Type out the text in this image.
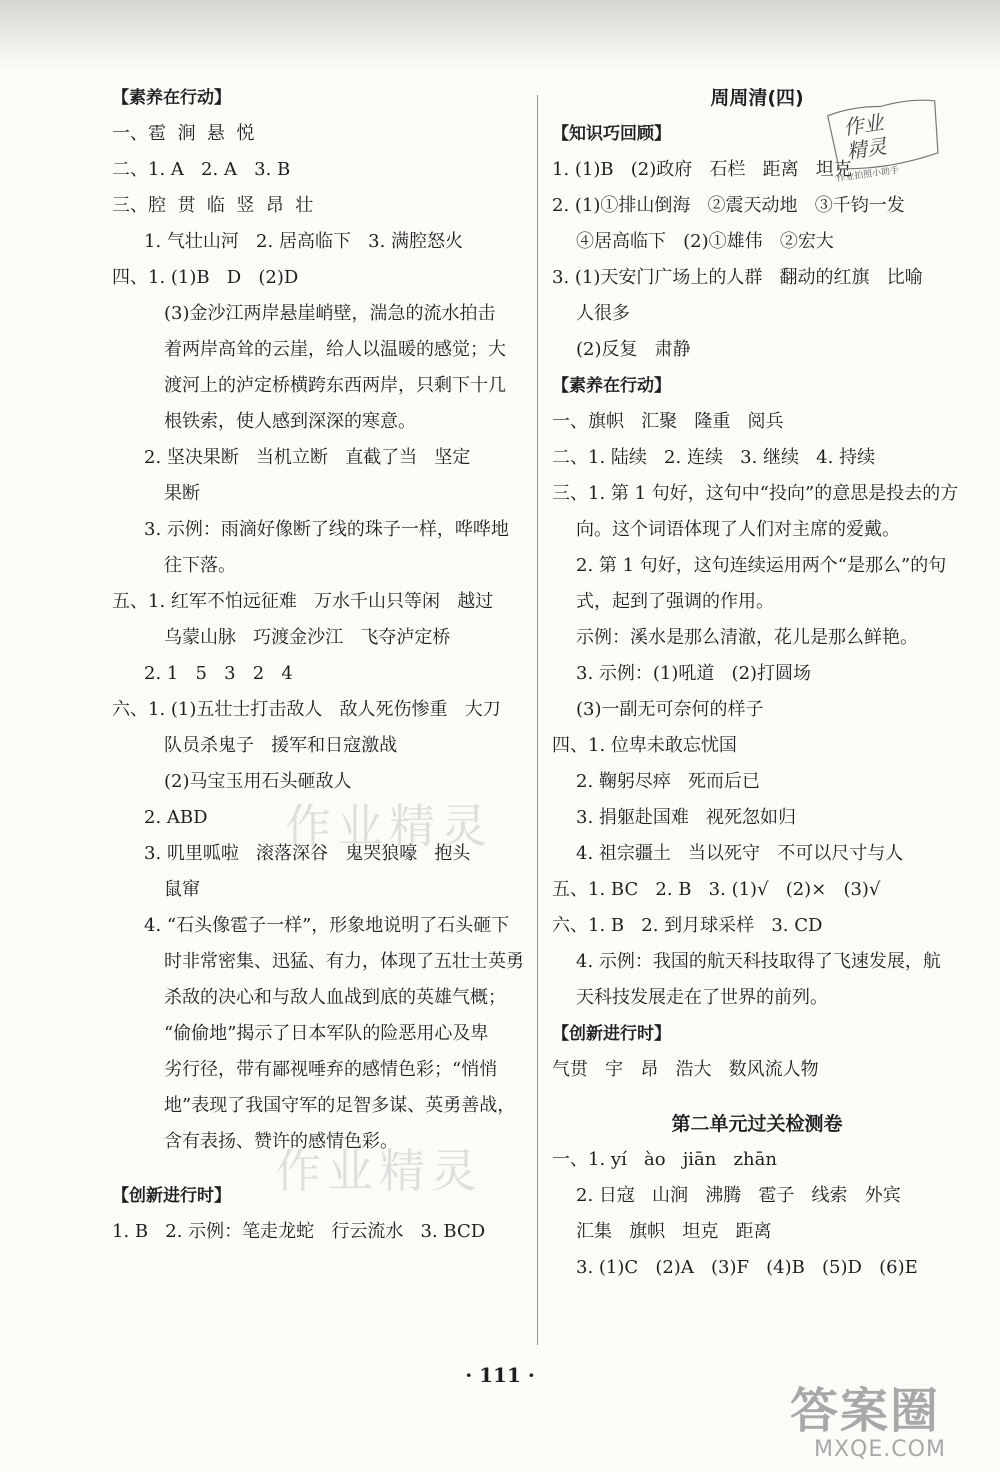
【素养在行动】
一、雹  涧  悬  悦
二、1. A   2. A   3. B
三、腔  贯  临  竖  昂  壮
1. 气壮山河   2. 居高临下   3. 满腔怒火
四、1. (1)B   D   (2)D
(3)金沙江两岸悬崖峭壁，湍急的流水拍击
着两岸高耸的云崖，给人以温暖的感觉；大
渡河上的泸定桥横跨东西两岸，只剩下十几
根铁索，使人感到深深的寒意。
2. 坚决果断   当机立断   直截了当   坚定
果断
3. 示例：雨滴好像断了线的珠子一样，哗哗地
往下落。
五、1. 红军不怕远征难   万水千山只等闲   越过
乌蒙山脉   巧渡金沙江   飞夺泸定桥
2. 1   5   3   2   4
六、1. (1)五壮士打击敌人   敌人死伤惨重   大刀
队员杀鬼子   援军和日寇激战
(2)马宝玉用石头砸敌人
2. ABD
3. 叽里呱啦   滚落深谷   鬼哭狼嚎   抱头
鼠窜
4. “石头像雹子一样”，形象地说明了石头砸下
时非常密集、迅猛、有力，体现了五壮士英勇
杀敌的决心和与敌人血战到底的英雄气概；
“偷偷地”揭示了日本军队的险恶用心及卑
劣行径，带有鄙视唾弃的感情色彩；“悄悄
地”表现了我国守军的足智多谋、英勇善战，
含有表扬、赞许的感情色彩。
【创新进行时】
1. B   2. 示例：笔走龙蛇   行云流水   3. BCD
周周清(四)
【知识巧回顾】
1. (1)B   (2)政府   石栏   距离   坦克
2. (1)①排山倒海   ②震天动地   ③千钧一发
④居高临下   (2)①雄伟   ②宏大
3. (1)天安门广场上的人群   翻动的红旗   比喻
人很多
(2)反复   肃静
【素养在行动】
一、旗帜   汇聚   隆重   阅兵
二、1. 陆续   2. 连续   3. 继续   4. 持续
三、1. 第 1 句好，这句中“投向”的意思是投去的方
向。这个词语体现了人们对主席的爱戴。
2. 第 1 句好，这句连续运用两个“是那么”的句
式，起到了强调的作用。
示例：溪水是那么清澈，花儿是那么鲜艳。
3. 示例：(1)吼道   (2)打圆场
(3)一副无可奈何的样子
四、1. 位卑未敢忘忧国
2. 鞠躬尽瘁   死而后已
3. 捐躯赴国难   视死忽如归
4. 祖宗疆土   当以死守   不可以尺寸与人
五、1. BC   2. B   3. (1)√   (2)×   (3)√
六、1. B   2. 到月球采样   3. CD
4. 示例：我国的航天科技取得了飞速发展，航
天科技发展走在了世界的前列。
【创新进行时】
气贯   宇   昂   浩大   数风流人物
第二单元过关检测卷
一、1. yí   ào   jiān   zhān
2. 日寇   山涧   沸腾   雹子   线索   外宾
汇集   旗帜   坦克   距离
3. (1)C   (2)A   (3)F   (4)B   (5)D   (6)E
作业
精灵
作业拍照小助手
作业精灵
作业精灵
· 111 ·
答案圈
MXQE.COM
